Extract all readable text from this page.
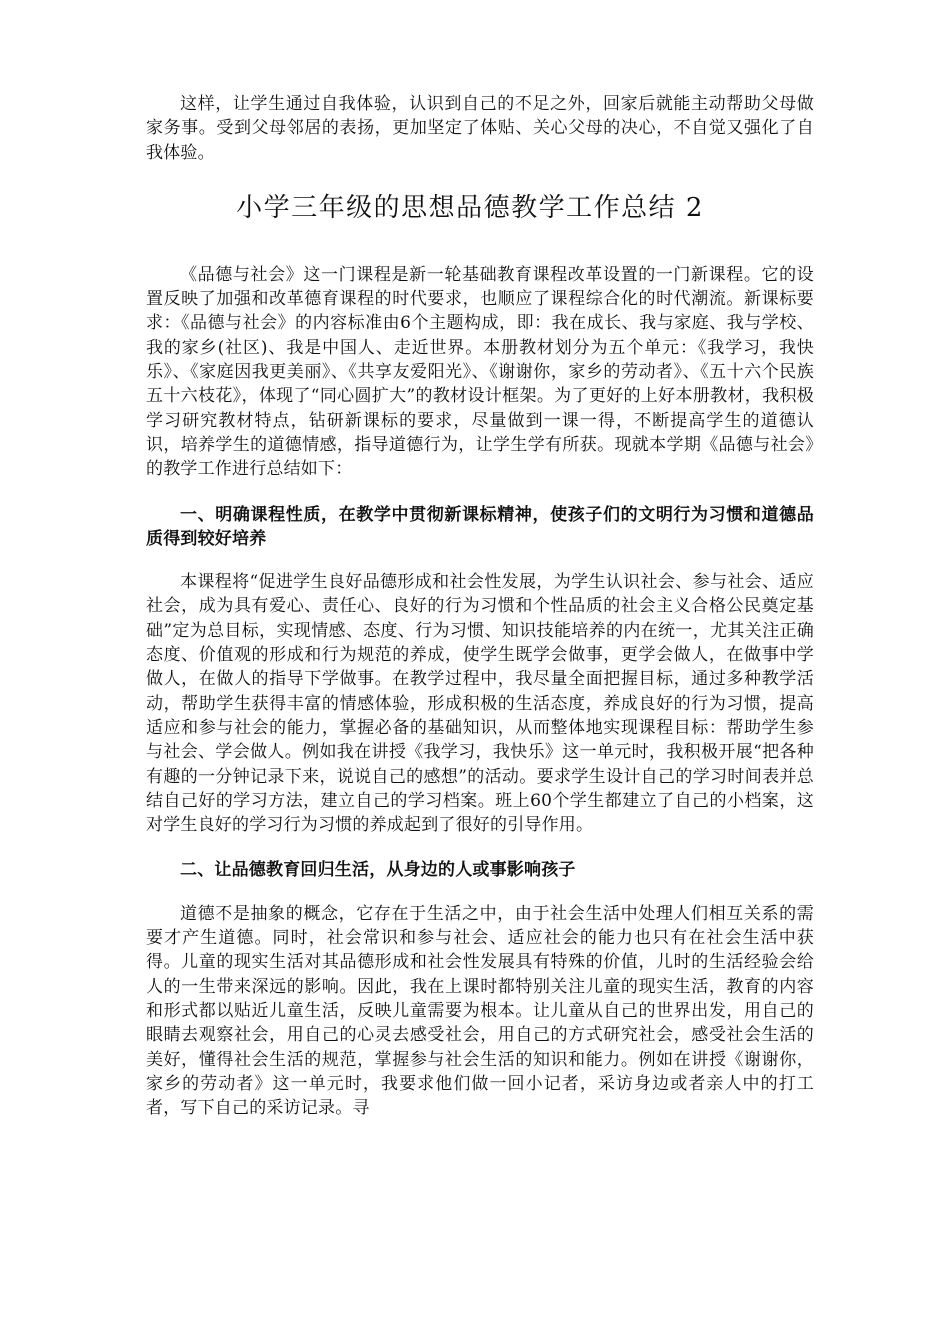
这样，让学生通过自我体验，认识到自己的不足之外，回家后就能主动帮助父母做家务事。受到父母邻居的表扬，更加坚定了体贴、关心父母的决心，不自觉又强化了自我体验。

小学三年级的思想品德教学工作总结 2

《品德与社会》这一门课程是新一轮基础教育课程改革设置的一门新课程。它的设置反映了加强和改革德育课程的时代要求，也顺应了课程综合化的时代潮流。新课标要求：《品德与社会》的内容标准由6个主题构成，即：我在成长、我与家庭、我与学校、我的家乡(社区)、我是中国人、走近世界。本册教材划分为五个单元：《我学习，我快乐》、《家庭因我更美丽》、《共享友爱阳光》、《谢谢你，家乡的劳动者》、《五十六个民族五十六枝花》，体现了“同心圆扩大”的教材设计框架。为了更好的上好本册教材，我积极学习研究教材特点，钻研新课标的要求，尽量做到一课一得，不断提高学生的道德认识，培养学生的道德情感，指导道德行为，让学生学有所获。现就本学期《品德与社会》的教学工作进行总结如下：

一、明确课程性质，在教学中贯彻新课标精神，使孩子们的文明行为习惯和道德品质得到较好培养

本课程将“促进学生良好品德形成和社会性发展，为学生认识社会、参与社会、适应社会，成为具有爱心、责任心、良好的行为习惯和个性品质的社会主义合格公民奠定基础”定为总目标，实现情感、态度、行为习惯、知识技能培养的内在统一，尤其关注正确态度、价值观的形成和行为规范的养成，使学生既学会做事，更学会做人，在做事中学做人，在做人的指导下学做事。在教学过程中，我尽量全面把握目标，通过多种教学活动，帮助学生获得丰富的情感体验，形成积极的生活态度，养成良好的行为习惯，提高适应和参与社会的能力，掌握必备的基础知识，从而整体地实现课程目标：帮助学生参与社会、学会做人。例如我在讲授《我学习，我快乐》这一单元时，我积极开展“把各种有趣的一分钟记录下来，说说自己的感想”的活动。要求学生设计自己的学习时间表并总结自己好的学习方法，建立自己的学习档案。班上60个学生都建立了自己的小档案，这对学生良好的学习行为习惯的养成起到了很好的引导作用。

二、让品德教育回归生活，从身边的人或事影响孩子

道德不是抽象的概念，它存在于生活之中，由于社会生活中处理人们相互关系的需要才产生道德。同时，社会常识和参与社会、适应社会的能力也只有在社会生活中获得。儿童的现实生活对其品德形成和社会性发展具有特殊的价值，儿时的生活经验会给人的一生带来深远的影响。因此，我在上课时都特别关注儿童的现实生活，教育的内容和形式都以贴近儿童生活，反映儿童需要为根本。让儿童从自己的世界出发，用自己的眼睛去观察社会，用自己的心灵去感受社会，用自己的方式研究社会，感受社会生活的美好，懂得社会生活的规范，掌握参与社会生活的知识和能力。例如在讲授《谢谢你，家乡的劳动者》这一单元时，我要求他们做一回小记者，采访身边或者亲人中的打工者，写下自己的采访记录。寻
